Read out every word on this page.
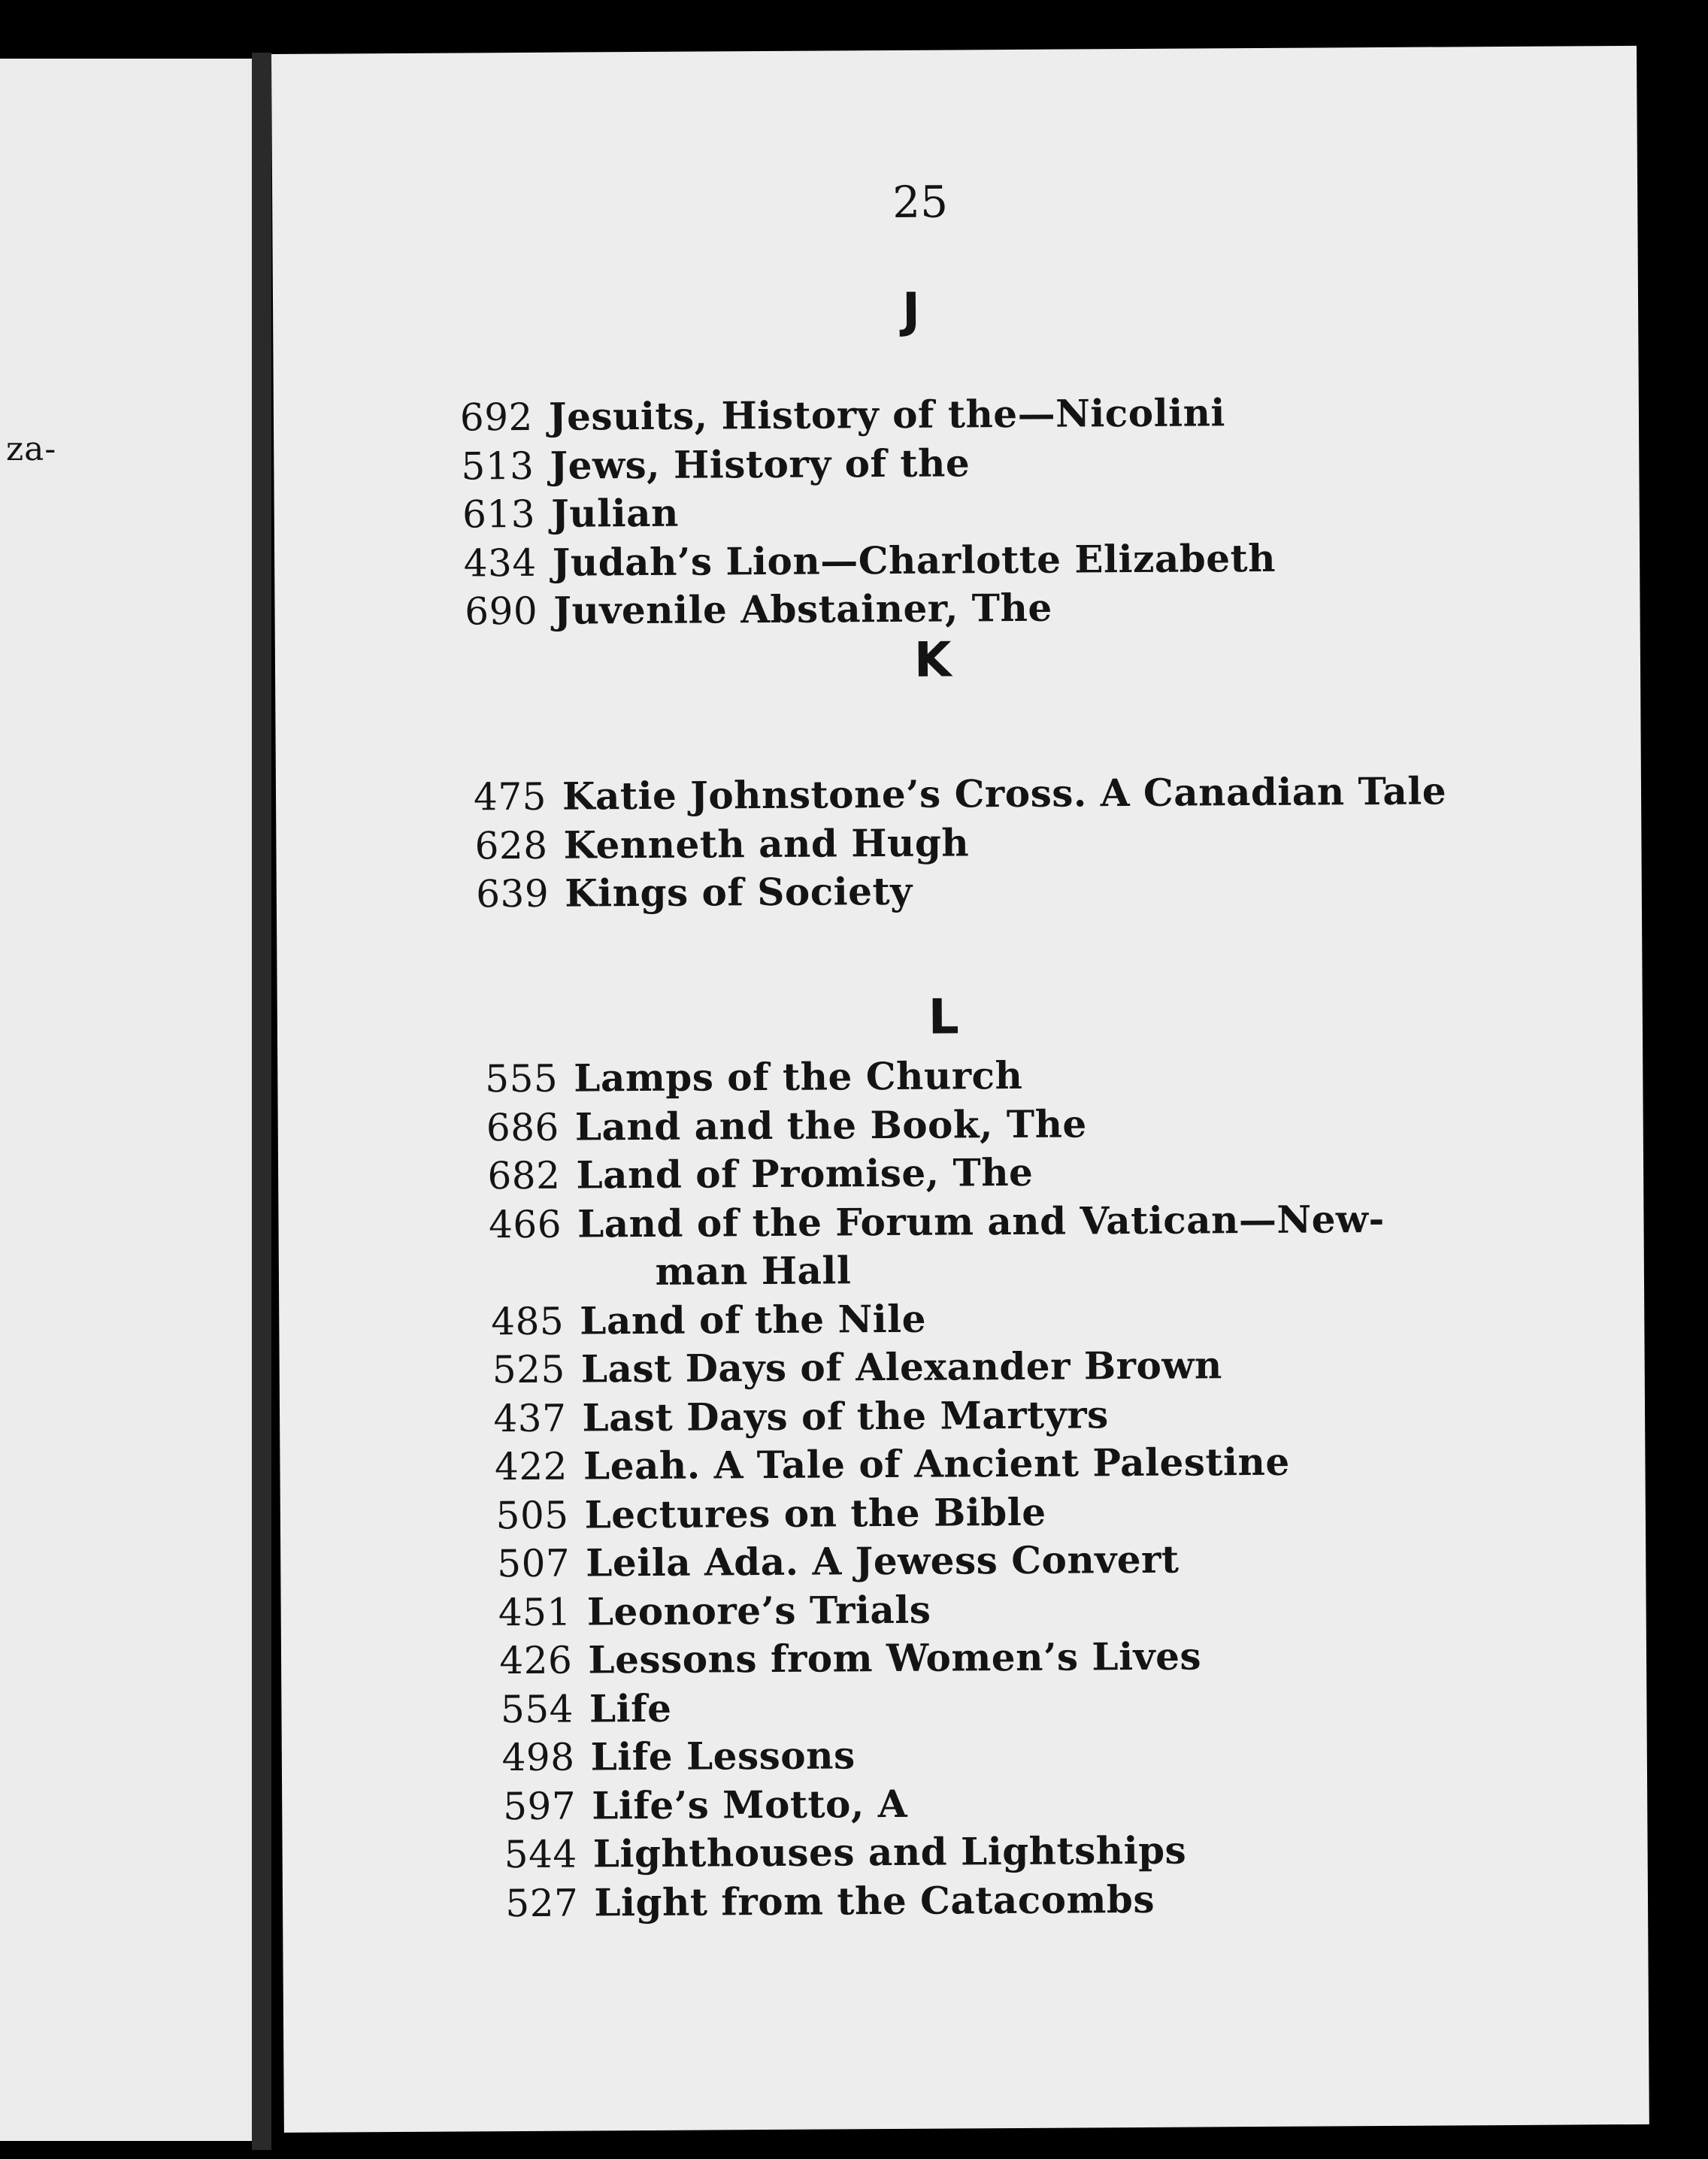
za-
25
J
692 Jesuits, History of the—Nicolini
513 Jews, History of the
613 Julian
434 Judah’s Lion—Charlotte Elizabeth
690 Juvenile Abstainer, The
K
475 Katie Johnstone’s Cross. A Canadian Tale
628 Kenneth and Hugh
639 Kings of Society
L
555 Lamps of the Church
686 Land and the Book, The
682 Land of Promise, The
466 Land of the Forum and Vatican—New-
man Hall
485 Land of the Nile
525 Last Days of Alexander Brown
437 Last Days of the Martyrs
422 Leah. A Tale of Ancient Palestine
505 Lectures on the Bible
507 Leila Ada. A Jewess Convert
451 Leonore’s Trials
426 Lessons from Women’s Lives
554 Life
498 Life Lessons
597 Life’s Motto, A
544 Lighthouses and Lightships
527 Light from the Catacombs
